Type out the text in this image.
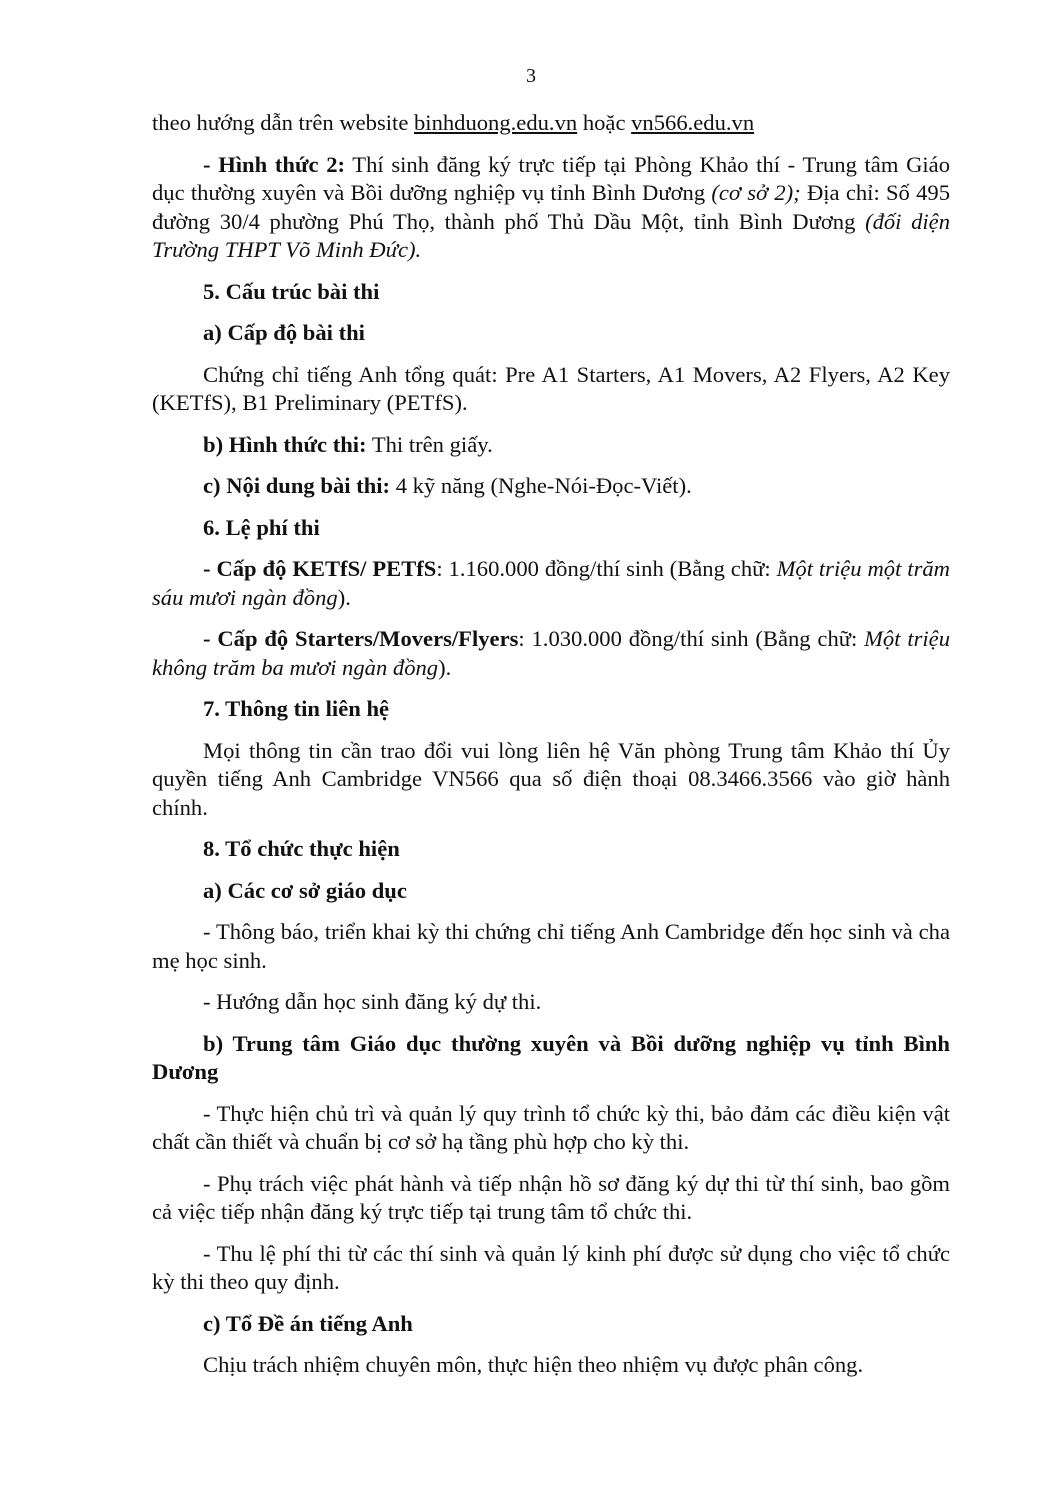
3

theo hướng dẫn trên website binhduong.edu.vn hoặc vn566.edu.vn

- Hình thức 2: Thí sinh đăng ký trực tiếp tại Phòng Khảo thí - Trung tâm Giáo dục thường xuyên và Bồi dưỡng nghiệp vụ tỉnh Bình Dương (cơ sở 2); Địa chỉ: Số 495 đường 30/4 phường Phú Thọ, thành phố Thủ Dầu Một, tỉnh Bình Dương (đối diện Trường THPT Võ Minh Đức).

5. Cấu trúc bài thi

a) Cấp độ bài thi

Chứng chỉ tiếng Anh tổng quát: Pre A1 Starters, A1 Movers, A2 Flyers, A2 Key (KETfS), B1 Preliminary (PETfS).

b) Hình thức thi: Thi trên giấy.

c) Nội dung bài thi: 4 kỹ năng (Nghe-Nói-Đọc-Viết).

6. Lệ phí thi

- Cấp độ KETfS/ PETfS: 1.160.000 đồng/thí sinh (Bằng chữ: Một triệu một trăm sáu mươi ngàn đồng).

- Cấp độ Starters/Movers/Flyers: 1.030.000 đồng/thí sinh (Bằng chữ: Một triệu không trăm ba mươi ngàn đồng).

7. Thông tin liên hệ

Mọi thông tin cần trao đổi vui lòng liên hệ Văn phòng Trung tâm Khảo thí Ủy quyền tiếng Anh Cambridge VN566 qua số điện thoại 08.3466.3566 vào giờ hành chính.

8. Tổ chức thực hiện

a) Các cơ sở giáo dục

- Thông báo, triển khai kỳ thi chứng chỉ tiếng Anh Cambridge đến học sinh và cha mẹ học sinh.

- Hướng dẫn học sinh đăng ký dự thi.

b) Trung tâm Giáo dục thường xuyên và Bồi dưỡng nghiệp vụ tỉnh Bình Dương

- Thực hiện chủ trì và quản lý quy trình tổ chức kỳ thi, bảo đảm các điều kiện vật chất cần thiết và chuẩn bị cơ sở hạ tầng phù hợp cho kỳ thi.

- Phụ trách việc phát hành và tiếp nhận hồ sơ đăng ký dự thi từ thí sinh, bao gồm cả việc tiếp nhận đăng ký trực tiếp tại trung tâm tổ chức thi.

- Thu lệ phí thi từ các thí sinh và quản lý kinh phí được sử dụng cho việc tổ chức kỳ thi theo quy định.

c) Tổ Đề án tiếng Anh

Chịu trách nhiệm chuyên môn, thực hiện theo nhiệm vụ được phân công.
